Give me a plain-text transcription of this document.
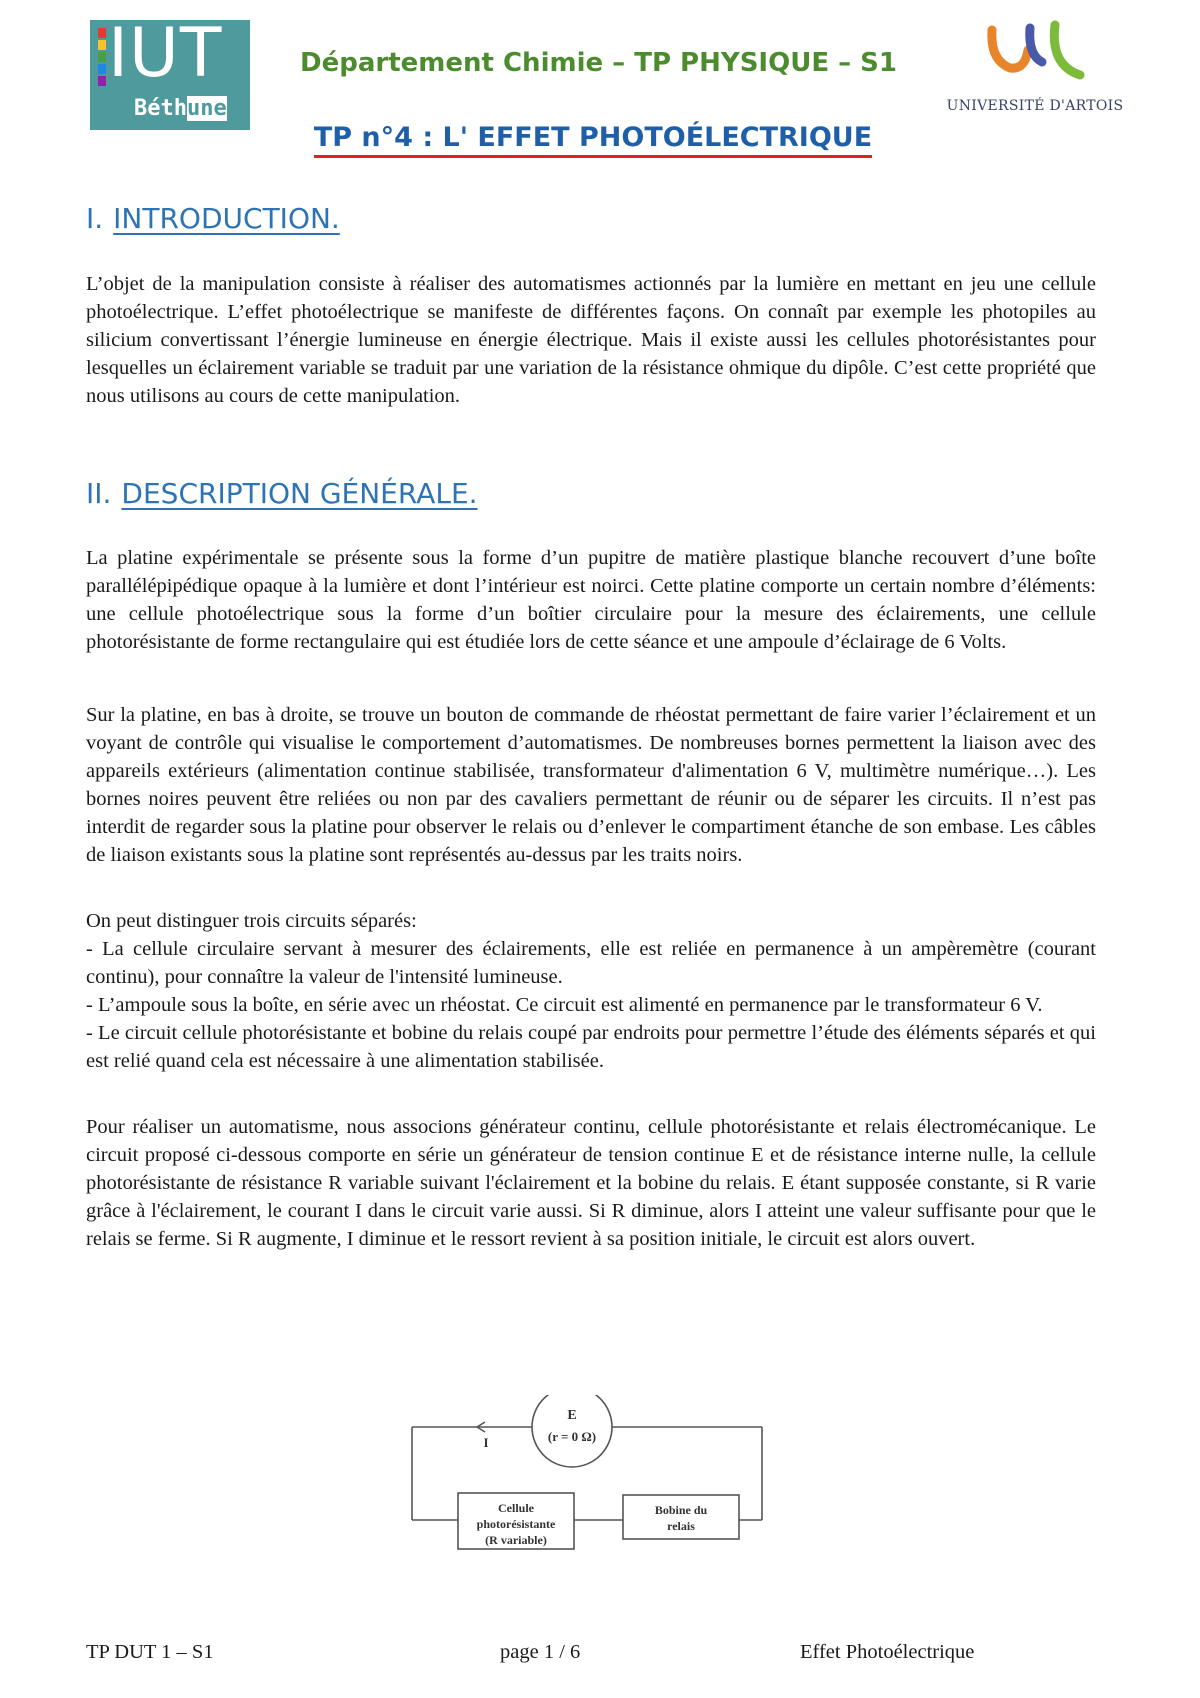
IUT
Béthune
Département Chimie – TP PHYSIQUE – S1
UNIVERSITÉ D'ARTOIS
TP n°4 : L' EFFET PHOTOÉLECTRIQUE
I. INTRODUCTION.
L’objet de la manipulation consiste à réaliser des automatismes actionnés par la lumière en mettant en jeu une cellule photoélectrique. L’effet photoélectrique se manifeste de différentes façons. On connaît par exemple les photopiles au silicium convertissant l’énergie lumineuse en énergie électrique. Mais il existe aussi les cellules photorésistantes pour lesquelles un éclairement variable se traduit par une variation de la résistance ohmique du dipôle. C’est cette propriété que nous utilisons au cours de cette manipulation.
II. DESCRIPTION GÉNÉRALE.
La platine expérimentale se présente sous la forme d’un pupitre de matière plastique blanche recouvert d’une boîte parallélépipédique opaque à la lumière et dont l’intérieur est noirci. Cette platine comporte un certain nombre d’éléments: une cellule photoélectrique sous la forme d’un boîtier circulaire pour la mesure des éclairements, une cellule photorésistante de forme rectangulaire qui est étudiée lors de cette séance et une ampoule d’éclairage de 6 Volts.
Sur la platine, en bas à droite, se trouve un bouton de commande de rhéostat permettant de faire varier l’éclairement et un voyant de contrôle qui visualise le comportement d’automatismes. De nombreuses bornes permettent la liaison avec des appareils extérieurs (alimentation continue stabilisée, transformateur d'alimentation 6 V, multimètre numérique…). Les bornes noires peuvent être reliées ou non par des cavaliers permettant de réunir ou de séparer les circuits. Il n’est pas interdit de regarder sous la platine pour observer le relais ou d’enlever le compartiment étanche de son embase. Les câbles de liaison existants sous la platine sont représentés au-dessus par les traits noirs.
On peut distinguer trois circuits séparés:
- La cellule circulaire servant à mesurer des éclairements, elle est reliée en permanence à un ampèremètre (courant continu), pour connaître la valeur de l'intensité lumineuse.
- L’ampoule sous la boîte, en série avec un rhéostat. Ce circuit est alimenté en permanence par le transformateur 6 V.
- Le circuit cellule photorésistante et bobine du relais coupé par endroits pour permettre l’étude des éléments séparés et qui est relié quand cela est nécessaire à une alimentation stabilisée.
Pour réaliser un automatisme, nous associons générateur continu, cellule photorésistante et relais électromécanique. Le circuit proposé ci-dessous comporte en série un générateur de tension continue E et de résistance interne nulle, la cellule photorésistante de résistance R variable suivant l'éclairement et la bobine du relais. E étant supposée constante, si R varie grâce à l'éclairement, le courant I dans le circuit varie aussi. Si R diminue, alors I atteint une valeur suffisante pour que le relais se ferme. Si R augmente, I diminue et le ressort revient à sa position initiale, le circuit est alors ouvert.
E
(r = 0 Ω)
I
Cellule
photorésistante
(R variable)
Bobine du
relais
TP DUT 1 – S1	page 1 / 6	Effet Photoélectrique
